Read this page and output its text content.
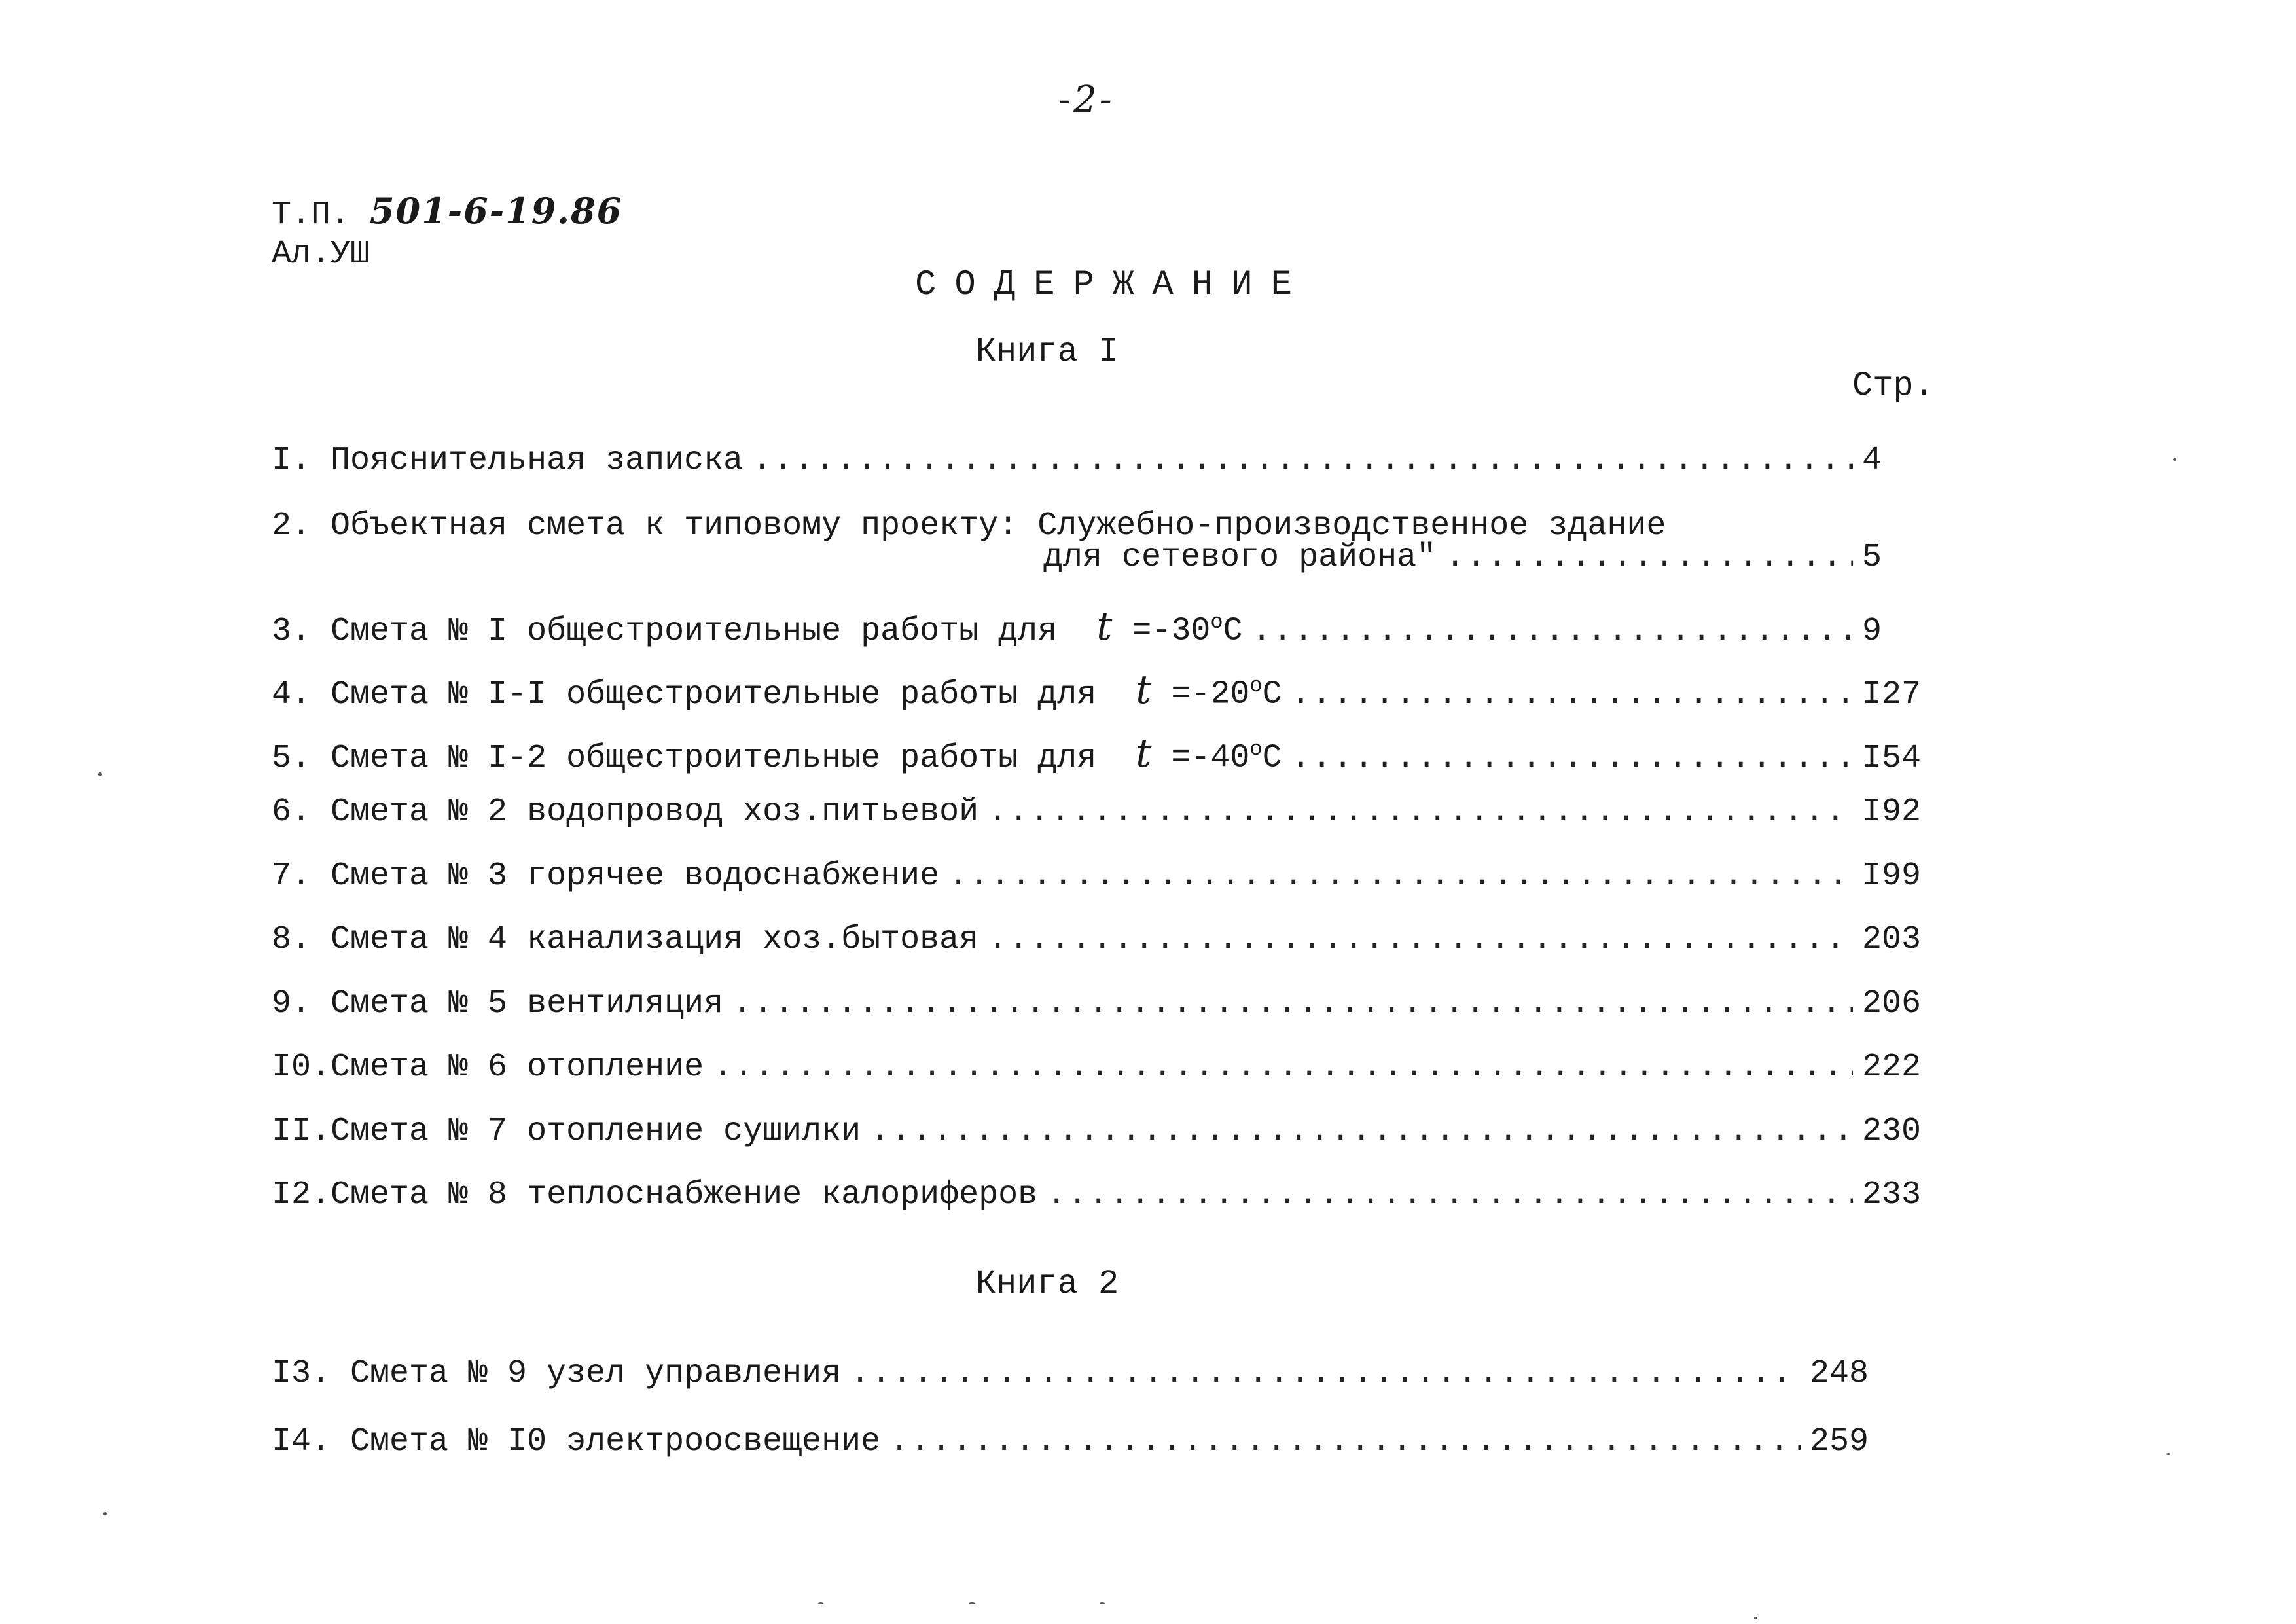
-2-
Т.П. 501-6-19.86
Ал.УШ
СОДЕРЖАНИЕ
Книга I
Стр.
I. Пояснительная записка .....	4
2. Объектная смета к типовому проекту: Служебно-производственное здание
для сетевого района" .....	5
3. Смета № I общестроительные работы для $t =-30^oС$ .....	9
4. Смета № I-I общестроительные работы для $t =-20^oС$ .....	I27
5. Смета № I-2 общестроительные работы для $t =-40^oС$ .....	I54
6. Смета № 2 водопровод хоз.питьевой .....	I92
7. Смета № 3 горячее водоснабжение .....	I99
8. Смета № 4 канализация хоз.бытовая .....	203
9. Смета № 5 вентиляция .....	206
I0.Смета № 6 отопление .....	222
II.Смета № 7 отопление сушилки .....	230
I2.Смета № 8 теплоснабжение калориферов .....	233
Книга 2
I3. Смета № 9 узел управления .....	248
I4. Смета № I0 электроосвещение .....	259
